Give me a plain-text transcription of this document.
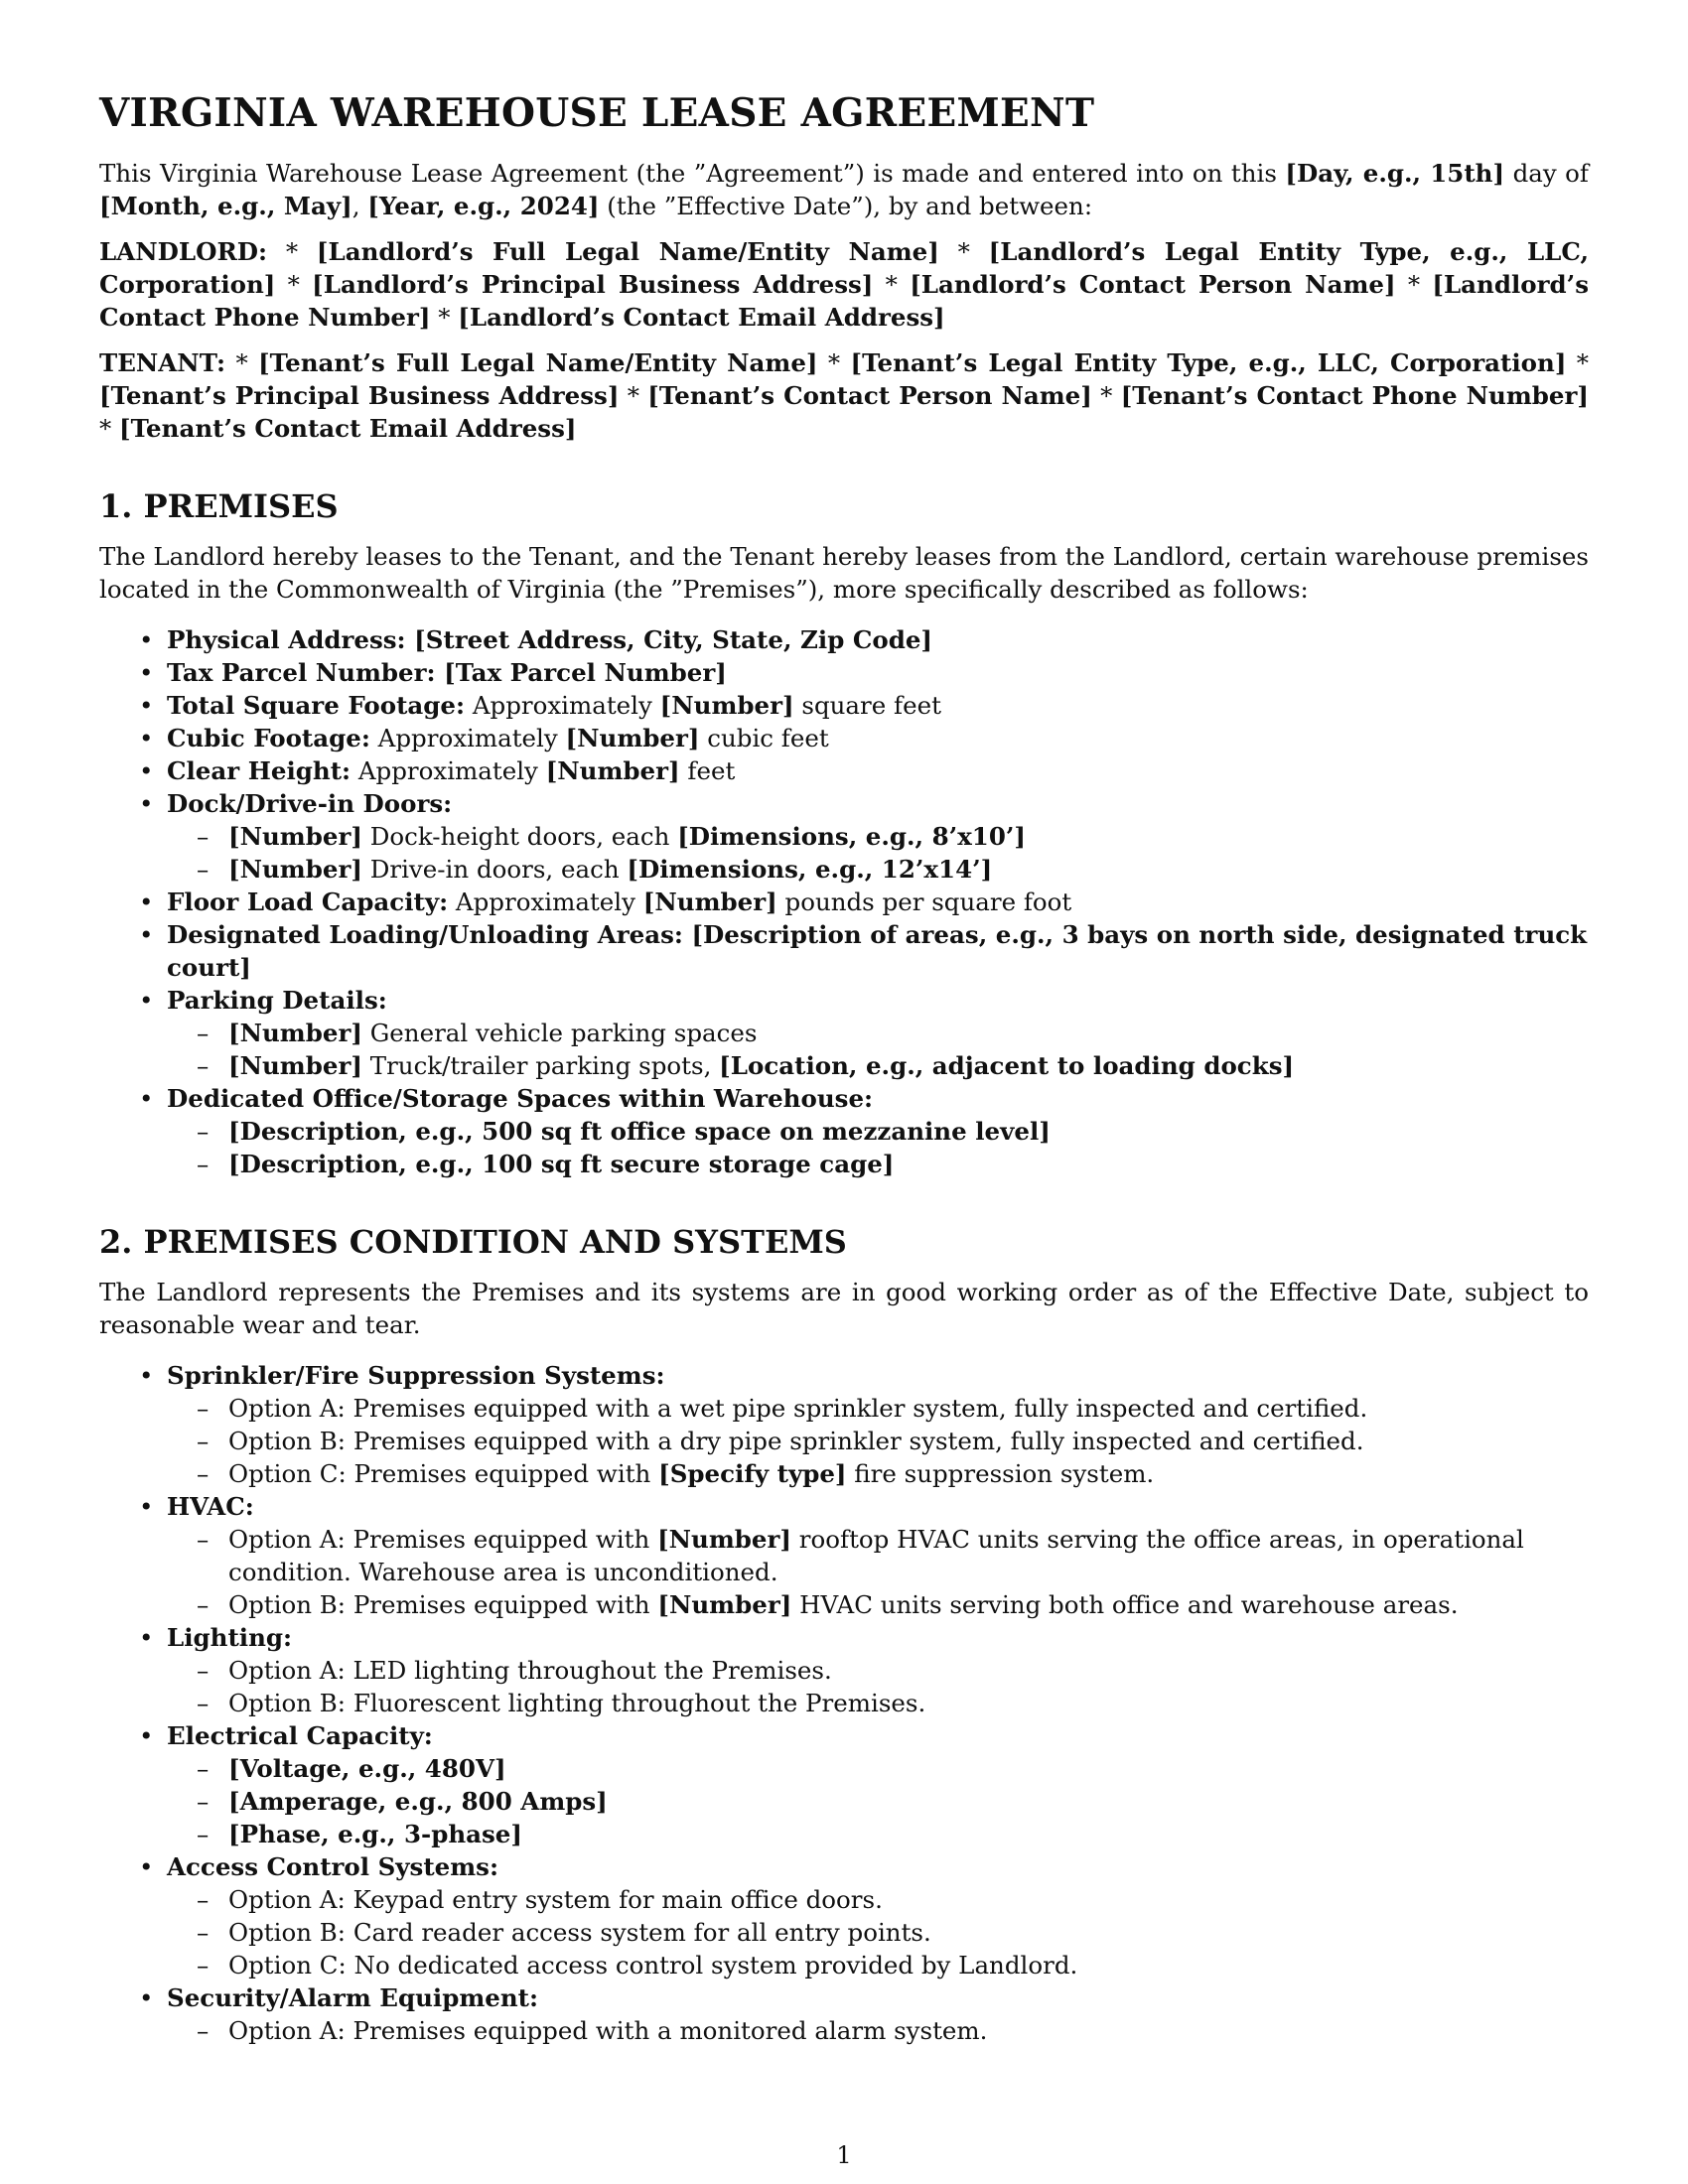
VIRGINIA WAREHOUSE LEASE AGREEMENT

This Virginia Warehouse Lease Agreement (the ”Agreement”) is made and entered into on this [Day, e.g., 15th] day of [Month, e.g., May], [Year, e.g., 2024] (the ”Effective Date”), by and between:

LANDLORD: * [Landlord’s Full Legal Name/Entity Name] * [Landlord’s Legal Entity Type, e.g., LLC, Corporation] * [Landlord’s Principal Business Address] * [Landlord’s Contact Person Name] * [Landlord’s Contact Phone Number] * [Landlord’s Contact Email Address]

TENANT: * [Tenant’s Full Legal Name/Entity Name] * [Tenant’s Legal Entity Type, e.g., LLC, Corporation] * [Tenant’s Principal Business Address] * [Tenant’s Contact Person Name] * [Tenant’s Contact Phone Number] * [Tenant’s Contact Email Address]

1. PREMISES

The Landlord hereby leases to the Tenant, and the Tenant hereby leases from the Landlord, certain warehouse premises located in the Commonwealth of Virginia (the ”Premises”), more specifically described as follows:

• Physical Address: [Street Address, City, State, Zip Code]
• Tax Parcel Number: [Tax Parcel Number]
• Total Square Footage: Approximately [Number] square feet
• Cubic Footage: Approximately [Number] cubic feet
• Clear Height: Approximately [Number] feet
• Dock/Drive-in Doors:
– [Number] Dock-height doors, each [Dimensions, e.g., 8’x10’]
– [Number] Drive-in doors, each [Dimensions, e.g., 12’x14’]
• Floor Load Capacity: Approximately [Number] pounds per square foot
• Designated Loading/Unloading Areas: [Description of areas, e.g., 3 bays on north side, designated truck court]
• Parking Details:
– [Number] General vehicle parking spaces
– [Number] Truck/trailer parking spots, [Location, e.g., adjacent to loading docks]
• Dedicated Office/Storage Spaces within Warehouse:
– [Description, e.g., 500 sq ft office space on mezzanine level]
– [Description, e.g., 100 sq ft secure storage cage]
2. PREMISES CONDITION AND SYSTEMS

The Landlord represents the Premises and its systems are in good working order as of the Effective Date, subject to reasonable wear and tear.

• Sprinkler/Fire Suppression Systems:
– Option A: Premises equipped with a wet pipe sprinkler system, fully inspected and certified.
– Option B: Premises equipped with a dry pipe sprinkler system, fully inspected and certified.
– Option C: Premises equipped with [Specify type] fire suppression system.
• HVAC:
– Option A: Premises equipped with [Number] rooftop HVAC units serving the office areas, in operational condition. Warehouse area is unconditioned.
– Option B: Premises equipped with [Number] HVAC units serving both office and warehouse areas.
• Lighting:
– Option A: LED lighting throughout the Premises.
– Option B: Fluorescent lighting throughout the Premises.
• Electrical Capacity:
– [Voltage, e.g., 480V]
– [Amperage, e.g., 800 Amps]
– [Phase, e.g., 3-phase]
• Access Control Systems:
– Option A: Keypad entry system for main office doors.
– Option B: Card reader access system for all entry points.
– Option C: No dedicated access control system provided by Landlord.
• Security/Alarm Equipment:
– Option A: Premises equipped with a monitored alarm system.
1
